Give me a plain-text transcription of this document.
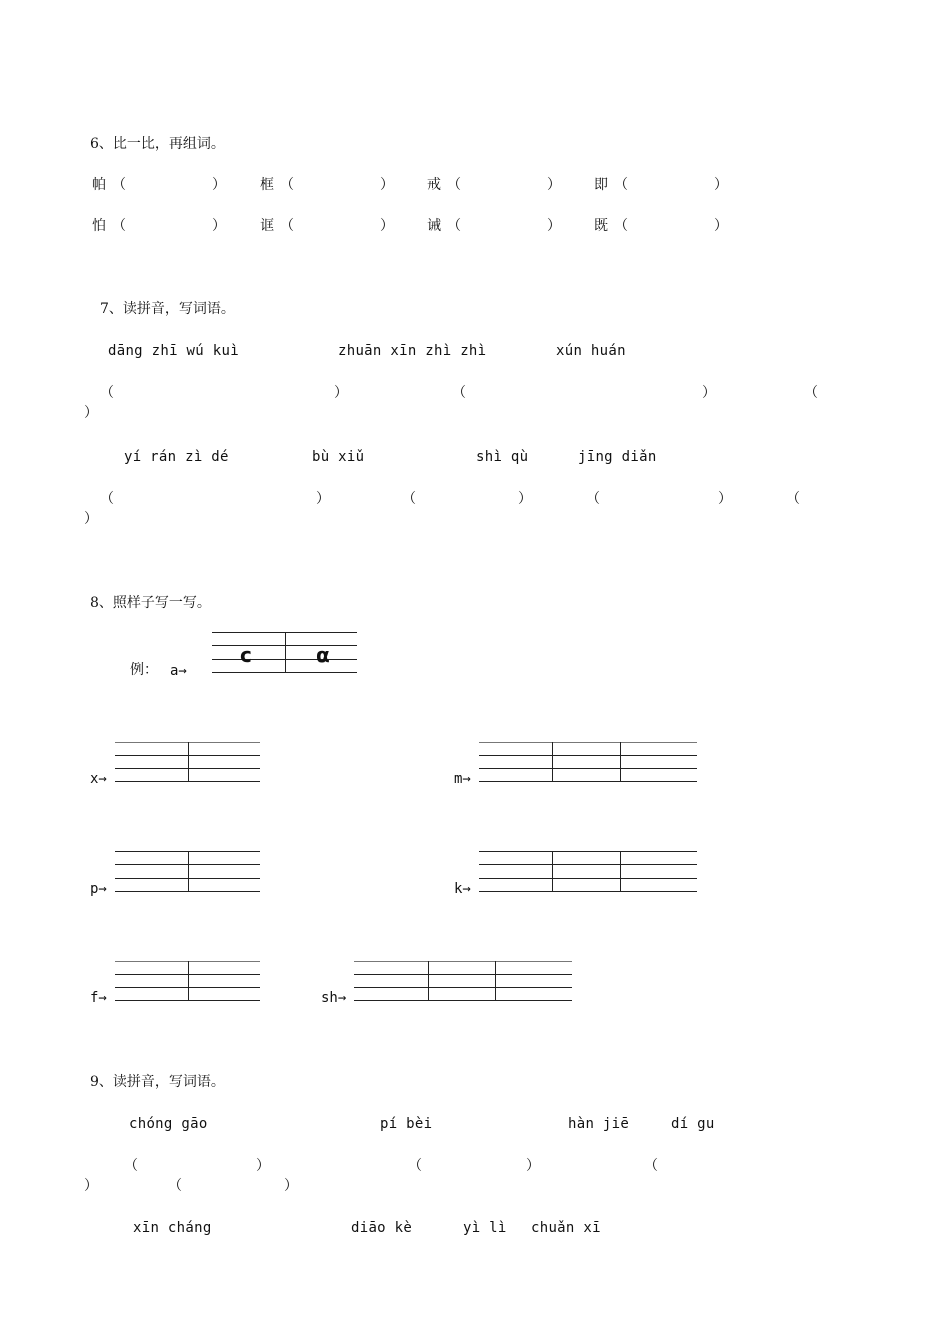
6、比一比，再组词。
帕 （	） 框 （	） 戒 （	） 即 （	）
怕 （	） 诓 （	） 诫 （	） 既 （	）
7、读拼音，写词语。
dāng zhī wú kuì	zhuān xīn zhì zhì	xún huán
（	）	（	）	（
）
yí rán zì dé	bù xiǔ	shì qù	jīng diǎn
（	）	（	）	（	）	（
）
8、照样子写一写。
例： a→
c	α
x→	m→
p→	k→
f→	sh→
9、读拼音，写词语。
chóng gāo	pí bèi	hàn jiē	dí gu
（	）	（	）	（
）	（	）
xīn cháng	diāo kè	yì lì chuǎn xī
